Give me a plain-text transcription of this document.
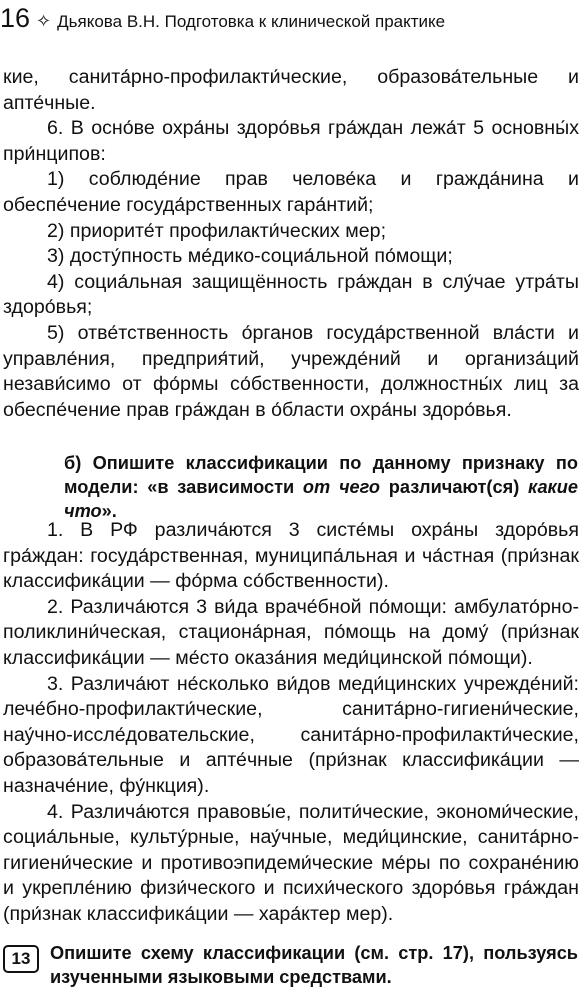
16 ✧ Дьякова В.Н. Подготовка к клинической практике

кие, санита́рно-профилакти́ческие, образова́тельные и апте́чные.

6. В осно́ве охра́ны здоро́вья гра́ждан лежа́т 5 основны́х при́нципов:

1) соблюде́ние прав челове́ка и гражда́нина и обеспе́чение госуда́рственных гара́нтий;

2) приорите́т профилакти́ческих мер;

3) досту́пность ме́дико-социа́льной по́мощи;

4) социа́льная защищённость гра́ждан в слу́чае утра́ты здоро́вья;

5) отве́тственность о́рганов госуда́рственной вла́сти и управле́ния, предприя́тий, учрежде́ний и организа́ций незави́симо от фо́рмы со́бственности, должностны́х лиц за обеспе́чение прав гра́ждан в о́бласти охра́ны здоро́вья.

б) Опишите классификации по данному признаку по модели: «в зависимости от чего различают(ся) какие что».

1. В РФ различа́ются 3 систе́мы охра́ны здоро́вья гра́ждан: госуда́рственная, муниципа́льная и ча́стная (при́знак классифика́ции — фо́рма со́бственности).

2. Различа́ются 3 ви́да враче́бной по́мощи: амбулато́рно-поликлини́ческая, стациона́рная, по́мощь на дому́ (при́знак классифика́ции — ме́сто оказа́ния меди́цинской по́мощи).

3. Различа́ют не́сколько ви́дов меди́цинских учрежде́ний: лече́бно-профилакти́ческие, санита́рно-гигиени́ческие, нау́чно-иссле́довательские, санита́рно-профилакти́ческие, образова́тельные и апте́чные (при́знак классифика́ции — назначе́ние, фу́нкция).

4. Различа́ются правовы́е, полити́ческие, экономи́ческие, социа́льные, культу́рные, нау́чные, меди́цинские, санита́рно-гигиени́ческие и противоэпидеми́ческие ме́ры по сохране́нию и укрепле́нию физи́ческого и психи́ческого здоро́вья гра́ждан (при́знак классифика́ции — хара́ктер мер).

13	Опишите схему классификации (см. стр. 17), пользуясь изученными языковыми средствами.
